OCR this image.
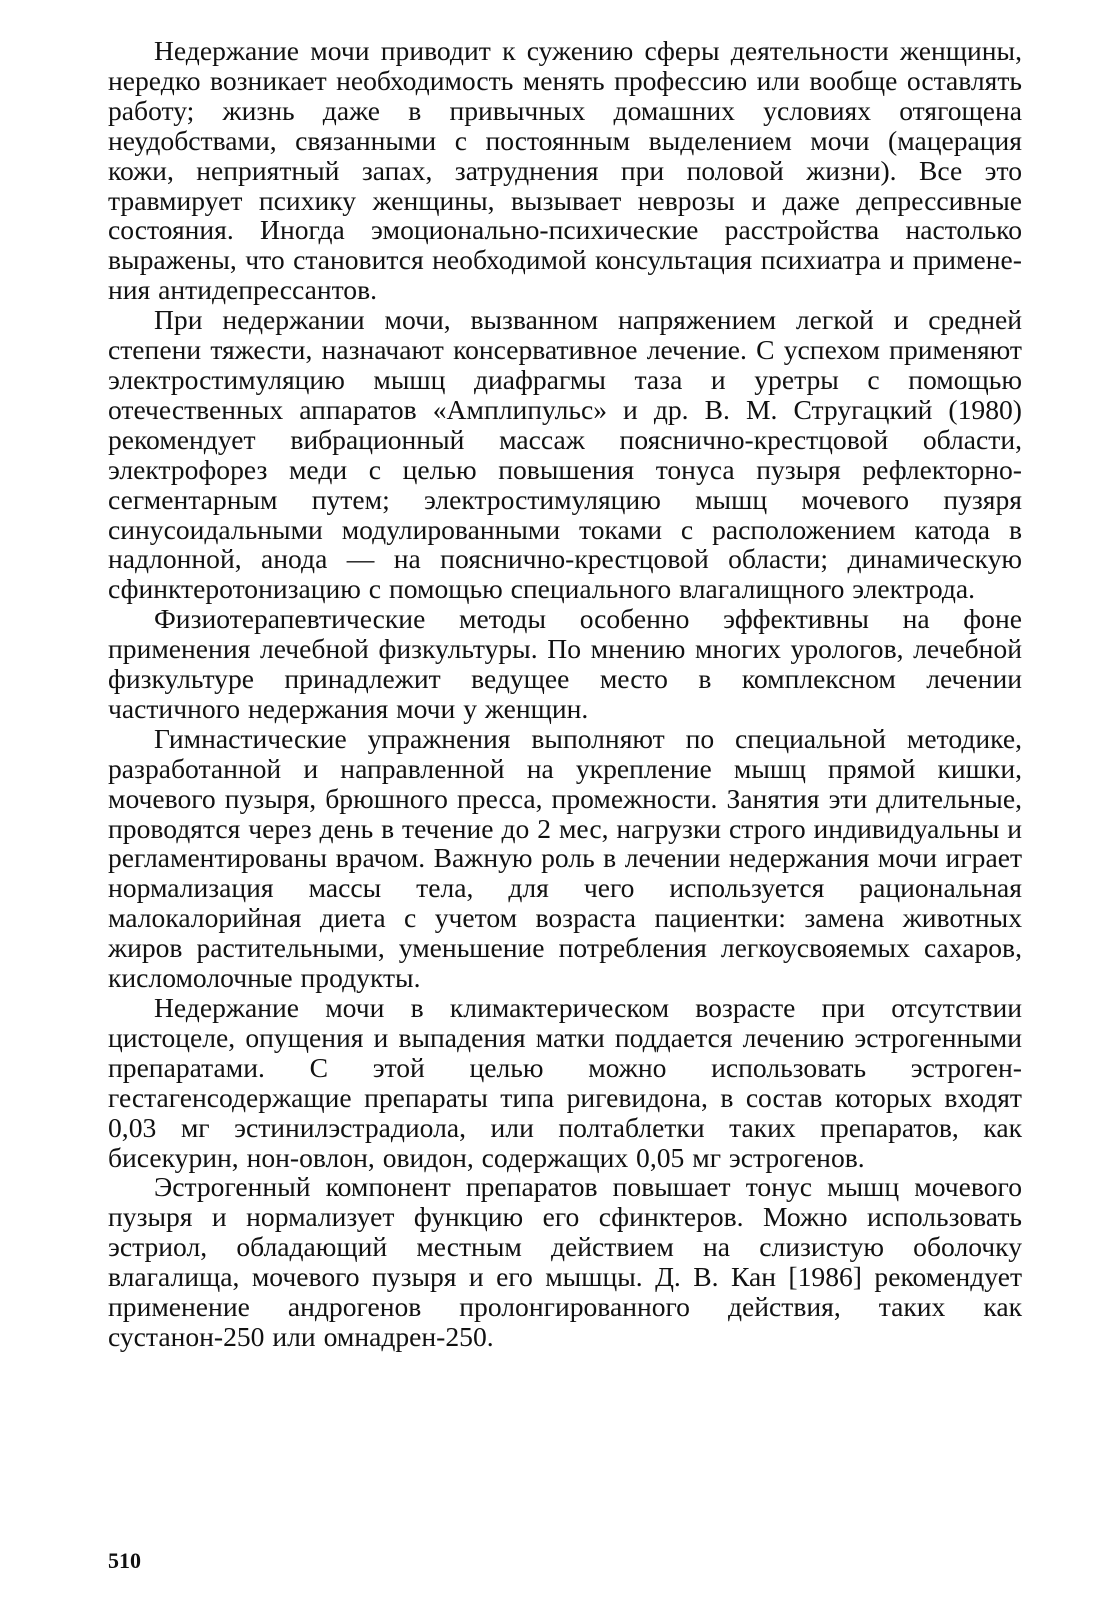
Недержание мочи приводит к сужению сферы деятельности женщины, нередко возникает необходимость менять профессию или вообще оставлять работу; жизнь даже в привычных домашних условиях отягощена неудобствами, связанными с постоянным выделением мочи (мацерация кожи, неприятный запах, затруднения при половой жизни). Все это травмирует психику женщины, вызывает неврозы и даже депрессивные состояния. Иногда эмоционально-психические расстройства настолько выражены, что становится необходимой консультация психиатра и применения антидепрессантов.

При недержании мочи, вызванном напряжением легкой и средней степени тяжести, назначают консервативное лечение. С успехом применяют электростимуляцию мышц диафрагмы таза и уретры с помощью отечественных аппаратов «Амплипульс» и др. В. М. Стругацкий (1980) рекомендует вибрационный массаж пояснично-крестцовой области, электрофорез меди с целью повышения тонуса пузыря рефлекторно-сегментарным путем; электростимуляцию мышц мочевого пузяря синусоидальными модулированными токами с расположением катода в надлонной, анода — на пояснично-крестцовой области; динамическую сфинктеротонизацию с помощью специального влагалищного электрода.

Физиотерапевтические методы особенно эффективны на фоне применения лечебной физкультуры. По мнению многих урологов, лечебной физкультуре принадлежит ведущее место в комплексном лечении частичного недержания мочи у женщин.

Гимнастические упражнения выполняют по специальной методике, разработанной и направленной на укрепление мышц прямой кишки, мочевого пузыря, брюшного пресса, промежности. Занятия эти длительные, проводятся через день в течение до 2 мес, нагрузки строго индивидуальны и регламентированы врачом. Важную роль в лечении недержания мочи играет нормализация массы тела, для чего используется рациональная малокалорийная диета с учетом возраста пациентки: замена животных жиров растительными, уменьшение потребления легкоусвояемых сахаров, кисломолочные продукты.

Недержание мочи в климактерическом возрасте при отсутствии цистоцеле, опущения и выпадения матки поддается лечению эстрогенными препаратами. С этой целью можно использовать эстроген-гестагенсодержащие препараты типа ригевидона, в состав которых входят 0,03 мг эстинилэстрадиола, или полтаблетки таких препаратов, как бисекурин, нон-овлон, овидон, содержащих 0,05 мг эстрогенов.

Эстрогенный компонент препаратов повышает тонус мышц мочевого пузыря и нормализует функцию его сфинктеров. Можно использовать эстриол, обладающий местным действием на слизистую оболочку влагалища, мочевого пузыря и его мышцы. Д. В. Кан [1986] рекомендует применение андрогенов пролонгированного действия, таких как сустанон-250 или омнадрен-250.

510
